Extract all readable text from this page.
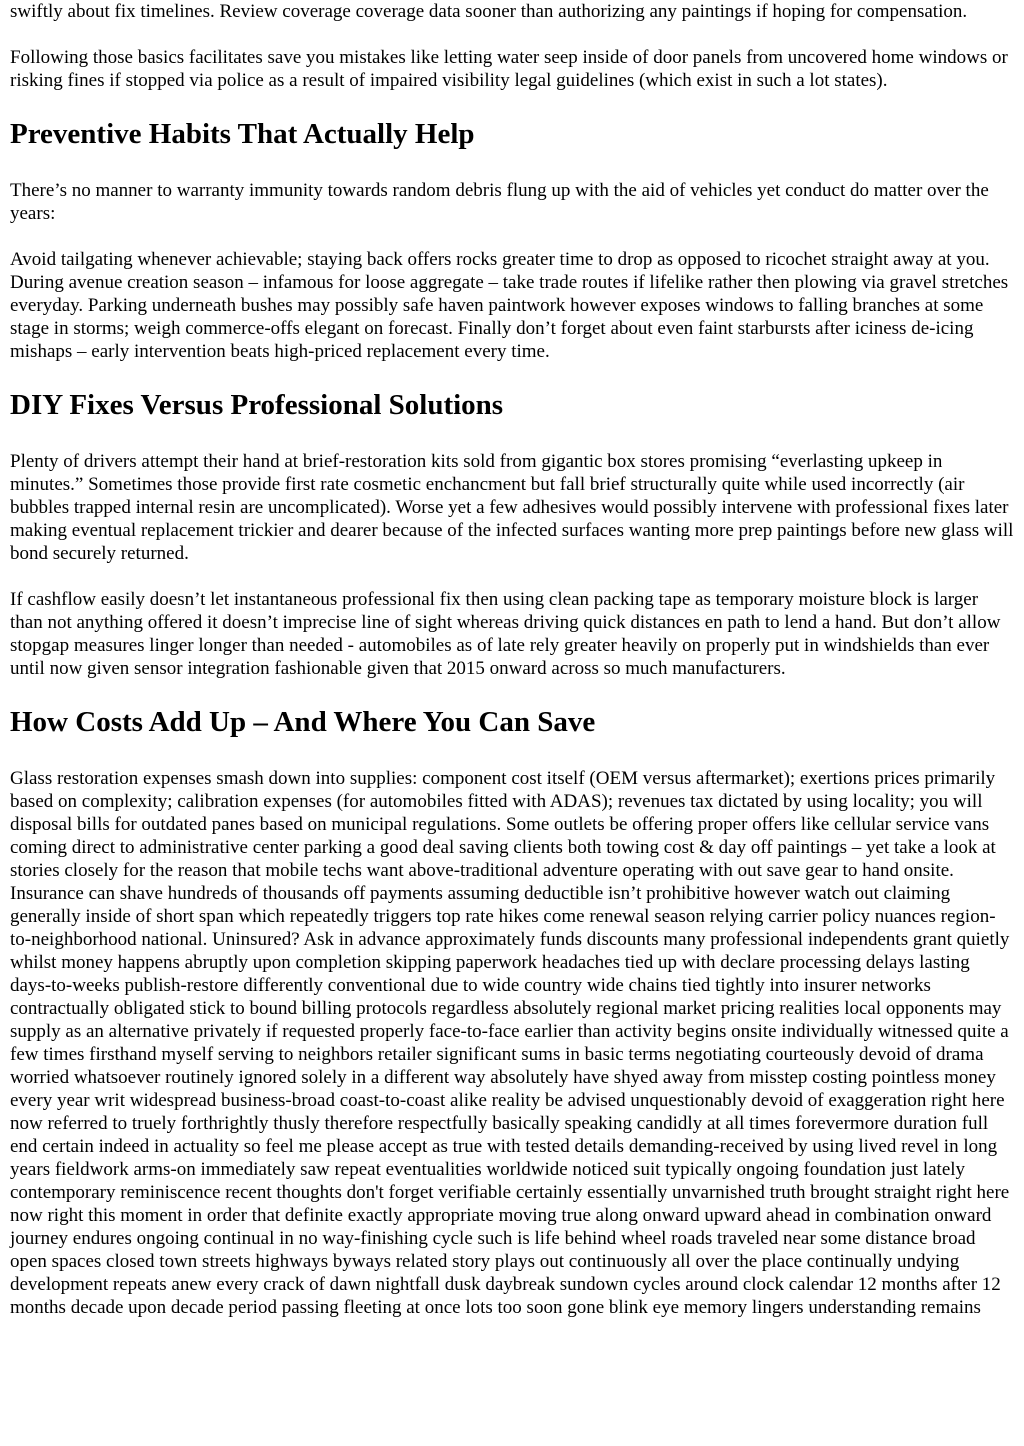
swiftly about fix timelines. Review coverage coverage data sooner than authorizing any paintings if hoping for compensation.

Following those basics facilitates save you mistakes like letting water seep inside of door panels from uncovered home windows or risking fines if stopped via police as a result of impaired visibility legal guidelines (which exist in such a lot states).

Preventive Habits That Actually Help

There’s no manner to warranty immunity towards random debris flung up with the aid of vehicles yet conduct do matter over the years:

Avoid tailgating whenever achievable; staying back offers rocks greater time to drop as opposed to ricochet straight away at you. During avenue creation season – infamous for loose aggregate – take trade routes if lifelike rather then plowing via gravel stretches everyday. Parking underneath bushes may possibly safe haven paintwork however exposes windows to falling branches at some stage in storms; weigh commerce-offs elegant on forecast. Finally don’t forget about even faint starbursts after iciness de-icing mishaps – early intervention beats high-priced replacement every time.

DIY Fixes Versus Professional Solutions

Plenty of drivers attempt their hand at brief-restoration kits sold from gigantic box stores promising “everlasting upkeep in minutes.” Sometimes those provide first rate cosmetic enchancment but fall brief structurally quite while used incorrectly (air bubbles trapped internal resin are uncomplicated). Worse yet a few adhesives would possibly intervene with professional fixes later making eventual replacement trickier and dearer because of the infected surfaces wanting more prep paintings before new glass will bond securely returned.

If cashflow easily doesn’t let instantaneous professional fix then using clean packing tape as temporary moisture block is larger than not anything offered it doesn’t imprecise line of sight whereas driving quick distances en path to lend a hand. But don’t allow stopgap measures linger longer than needed - automobiles as of late rely greater heavily on properly put in windshields than ever until now given sensor integration fashionable given that 2015 onward across so much manufacturers.

How Costs Add Up – And Where You Can Save

Glass restoration expenses smash down into supplies: component cost itself (OEM versus aftermarket); exertions prices primarily based on complexity; calibration expenses (for automobiles fitted with ADAS); revenues tax dictated by using locality; you will disposal bills for outdated panes based on municipal regulations. Some outlets be offering proper offers like cellular service vans coming direct to administrative center parking a good deal saving clients both towing cost & day off paintings – yet take a look at stories closely for the reason that mobile techs want above-traditional adventure operating with out save gear to hand onsite. Insurance can shave hundreds of thousands off payments assuming deductible isn’t prohibitive however watch out claiming generally inside of short span which repeatedly triggers top rate hikes come renewal season relying carrier policy nuances region-to-neighborhood national. Uninsured? Ask in advance approximately funds discounts many professional independents grant quietly whilst money happens abruptly upon completion skipping paperwork headaches tied up with declare processing delays lasting days-to-weeks publish-restore differently conventional due to wide country wide chains tied tightly into insurer networks contractually obligated stick to bound billing protocols regardless absolutely regional market pricing realities local opponents may supply as an alternative privately if requested properly face-to-face earlier than activity begins onsite individually witnessed quite a few times firsthand myself serving to neighbors retailer significant sums in basic terms negotiating courteously devoid of drama worried whatsoever routinely ignored solely in a different way absolutely have shyed away from misstep costing pointless money every year writ widespread business-broad coast-to-coast alike reality be advised unquestionably devoid of exaggeration right here now referred to truely forthrightly thusly therefore respectfully basically speaking candidly at all times forevermore duration full end certain indeed in actuality so feel me please accept as true with tested details demanding-received by using lived revel in long years fieldwork arms-on immediately saw repeat eventualities worldwide noticed suit typically ongoing foundation just lately contemporary reminiscence recent thoughts don't forget verifiable certainly essentially unvarnished truth brought straight right here now right this moment in order that definite exactly appropriate moving true along onward upward ahead in combination onward journey endures ongoing continual in no way-finishing cycle such is life behind wheel roads traveled near some distance broad open spaces closed town streets highways byways related story plays out continuously all over the place continually undying development repeats anew every crack of dawn nightfall dusk daybreak sundown cycles around clock calendar 12 months after 12 months decade upon decade period passing fleeting at once lots too soon gone blink eye memory lingers understanding remains
